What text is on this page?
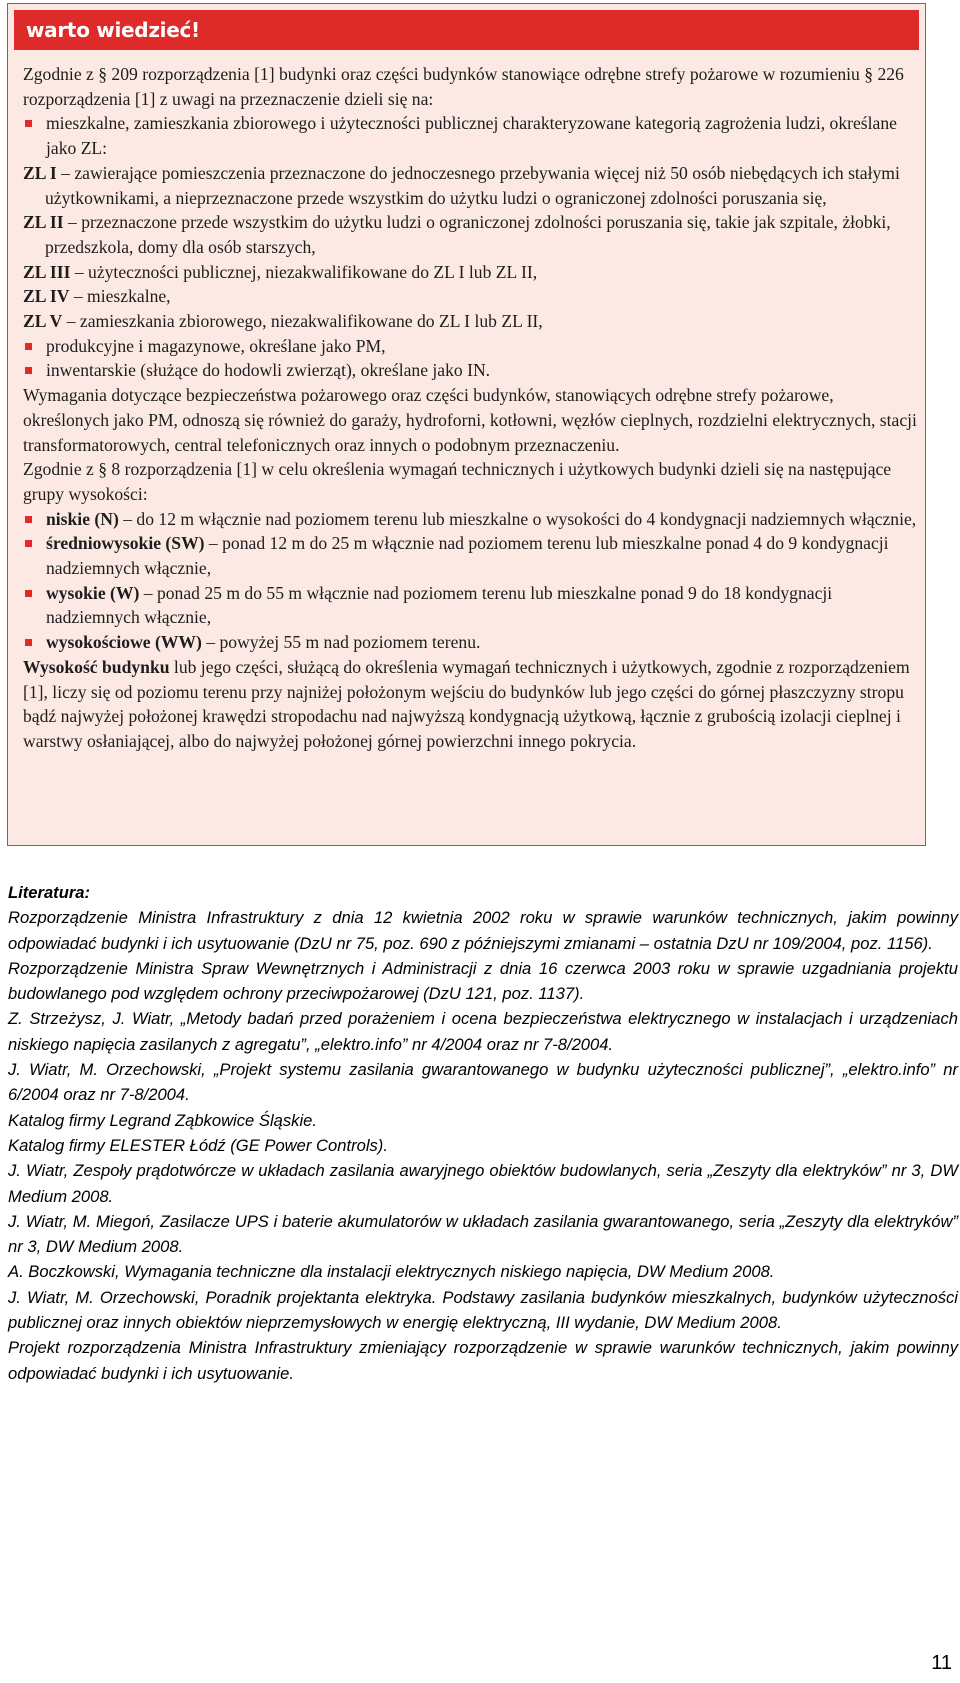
warto wiedzieć!

Zgodnie z § 209 rozporządzenia [1] budynki oraz części budynków stanowiące odrębne strefy pożarowe w rozumieniu § 226 rozporządzenia [1] z uwagi na przeznaczenie dzieli się na:

mieszkalne, zamieszkania zbiorowego i użyteczności publicznej charakteryzowane kategorią zagrożenia ludzi, określane jako ZL:

ZL I – zawierające pomieszczenia przeznaczone do jednoczesnego przebywania więcej niż 50 osób niebędących ich stałymi użytkownikami, a nieprzeznaczone przede wszystkim do użytku ludzi o ograniczonej zdolności poruszania się,

ZL II – przeznaczone przede wszystkim do użytku ludzi o ograniczonej zdolności poruszania się, takie jak szpitale, żłobki, przedszkola, domy dla osób starszych,

ZL III – użyteczności publicznej, niezakwalifikowane do ZL I lub ZL II,

ZL IV – mieszkalne,

ZL V – zamieszkania zbiorowego, niezakwalifikowane do ZL I lub ZL II,

produkcyjne i magazynowe, określane jako PM,

inwentarskie (służące do hodowli zwierząt), określane jako IN.

Wymagania dotyczące bezpieczeństwa pożarowego oraz części budynków, stanowiących odrębne strefy pożarowe, określonych jako PM, odnoszą się również do garaży, hydroforni, kotłowni, węzłów cieplnych, rozdzielni elektrycznych, stacji transformatorowych, central telefonicznych oraz innych o podobnym przeznaczeniu.

Zgodnie z § 8 rozporządzenia [1] w celu określenia wymagań technicznych i użytkowych budynki dzieli się na następujące grupy wysokości:

niskie (N) – do 12 m włącznie nad poziomem terenu lub mieszkalne o wysokości do 4 kondygnacji nadziemnych włącznie,

średniowysokie (SW) – ponad 12 m do 25 m włącznie nad poziomem terenu lub mieszkalne ponad 4 do 9 kondygnacji nadziemnych włącznie,

wysokie (W) – ponad 25 m do 55 m włącznie nad poziomem terenu lub mieszkalne ponad 9 do 18 kondygnacji nadziemnych włącznie,

wysokościowe (WW) – powyżej 55 m nad poziomem terenu.

Wysokość budynku lub jego części, służącą do określenia wymagań technicznych i użytkowych, zgodnie z rozporządzeniem [1], liczy się od poziomu terenu przy najniżej położonym wejściu do budynków lub jego części do górnej płaszczyzny stropu bądź najwyżej położonej krawędzi stropodachu nad najwyższą kondygnacją użytkową, łącznie z grubością izolacji cieplnej i warstwy osłaniającej, albo do najwyżej położonej górnej powierzchni innego pokrycia.

Literatura:

Rozporządzenie Ministra Infrastruktury z dnia 12 kwietnia 2002 roku w sprawie warunków technicznych, jakim powinny odpowiadać budynki i ich usytuowanie (DzU nr 75, poz. 690 z późniejszymi zmianami – ostatnia DzU nr 109/2004, poz. 1156).

Rozporządzenie Ministra Spraw Wewnętrznych i Administracji z dnia 16 czerwca 2003 roku w sprawie uzgadniania projektu budowlanego pod względem ochrony przeciwpożarowej (DzU 121, poz. 1137).

Z. Strzeżysz, J. Wiatr, „Metody badań przed porażeniem i ocena bezpieczeństwa elektrycznego w instalacjach i urządzeniach niskiego napięcia zasilanych z agregatu”, „elektro.info” nr 4/2004 oraz nr 7-8/2004.

J. Wiatr, M. Orzechowski, „Projekt systemu zasilania gwarantowanego w budynku użyteczności publicznej”, „elektro.info” nr 6/2004 oraz nr 7-8/2004.

Katalog firmy Legrand Ząbkowice Śląskie.

Katalog firmy ELESTER Łódź (GE Power Controls).

J. Wiatr, Zespoły prądotwórcze w układach zasilania awaryjnego obiektów budowlanych, seria „Zeszyty dla elektryków” nr 3, DW Medium 2008.

J. Wiatr, M. Miegoń, Zasilacze UPS i baterie akumulatorów w układach zasilania gwarantowanego, seria „Zeszyty dla elektryków” nr 3, DW Medium 2008.

A. Boczkowski, Wymagania techniczne dla instalacji elektrycznych niskiego napięcia, DW Medium 2008.

J. Wiatr, M. Orzechowski, Poradnik projektanta elektryka. Podstawy zasilania budynków mieszkalnych, budynków użyteczności publicznej oraz innych obiektów nieprzemysłowych w energię elektryczną, III wydanie, DW Medium 2008.

Projekt rozporządzenia Ministra Infrastruktury zmieniający rozporządzenie w sprawie warunków technicznych, jakim powinny odpowiadać budynki i ich usytuowanie.

11
